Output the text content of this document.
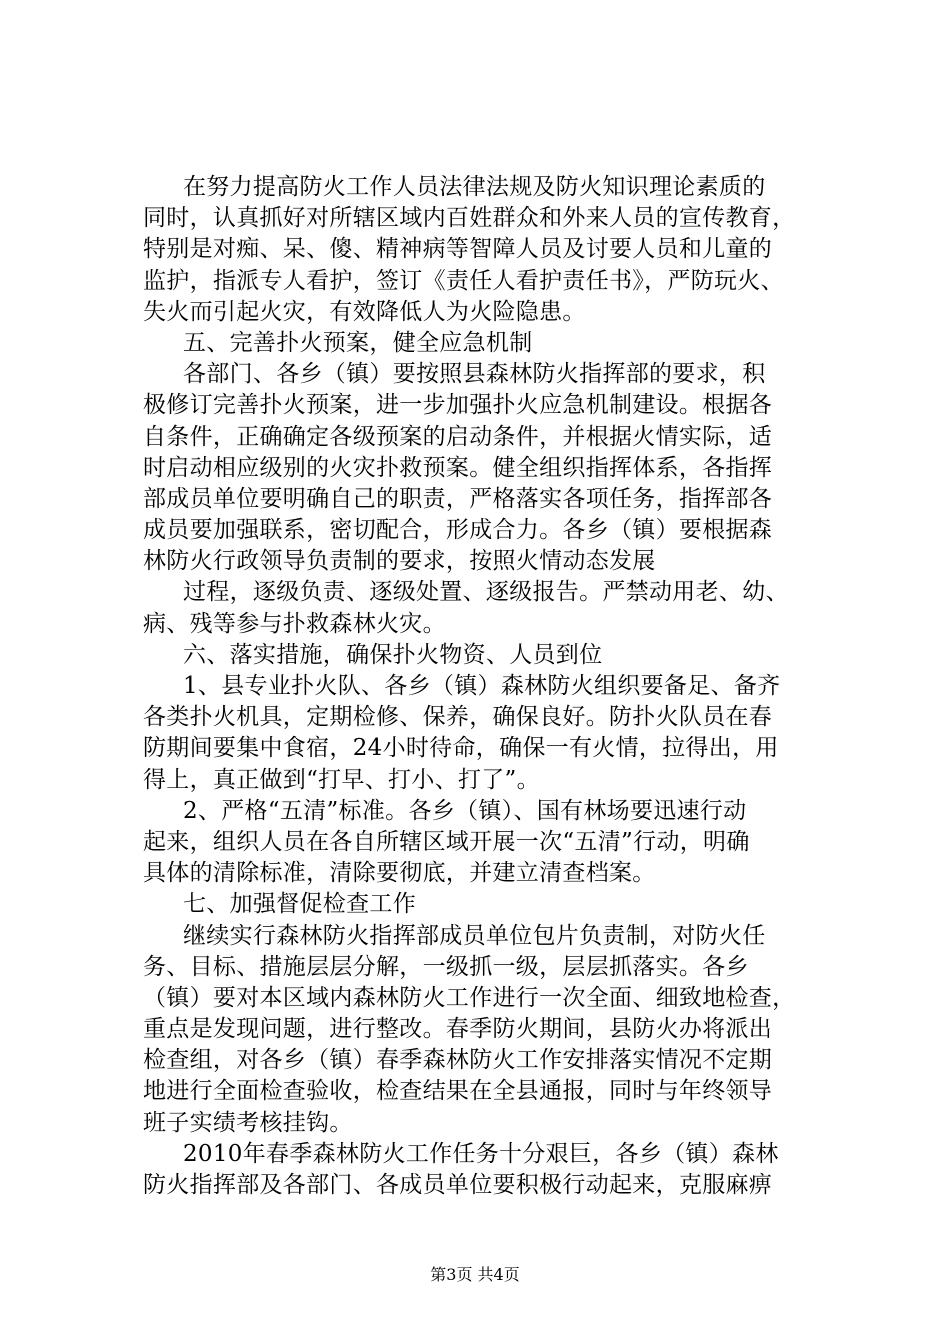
在努力提高防火工作人员法律法规及防火知识理论素质的
同时，认真抓好对所辖区域内百姓群众和外来人员的宣传教育，
特别是对痴、呆、傻、精神病等智障人员及讨要人员和儿童的
监护，指派专人看护，签订《责任人看护责任书》，严防玩火、
失火而引起火灾，有效降低人为火险隐患。
五、完善扑火预案，健全应急机制
各部门、各乡（镇）要按照县森林防火指挥部的要求，积
极修订完善扑火预案，进一步加强扑火应急机制建设。根据各
自条件，正确确定各级预案的启动条件，并根据火情实际，适
时启动相应级别的火灾扑救预案。健全组织指挥体系，各指挥
部成员单位要明确自己的职责，严格落实各项任务，指挥部各
成员要加强联系，密切配合，形成合力。各乡（镇）要根据森
林防火行政领导负责制的要求，按照火情动态发展
过程，逐级负责、逐级处置、逐级报告。严禁动用老、幼、
病、残等参与扑救森林火灾。
六、落实措施，确保扑火物资、人员到位
1、县专业扑火队、各乡（镇）森林防火组织要备足、备齐
各类扑火机具，定期检修、保养，确保良好。防扑火队员在春
防期间要集中食宿，24小时待命，确保一有火情，拉得出，用
得上，真正做到“打早、打小、打了”。
2、严格“五清”标准。各乡（镇）、国有林场要迅速行动
起来，组织人员在各自所辖区域开展一次“五清”行动，明确
具体的清除标准，清除要彻底，并建立清查档案。
七、加强督促检查工作
继续实行森林防火指挥部成员单位包片负责制，对防火任
务、目标、措施层层分解，一级抓一级，层层抓落实。各乡
（镇）要对本区域内森林防火工作进行一次全面、细致地检查，
重点是发现问题，进行整改。春季防火期间，县防火办将派出
检查组，对各乡（镇）春季森林防火工作安排落实情况不定期
地进行全面检查验收，检查结果在全县通报，同时与年终领导
班子实绩考核挂钩。
2010年春季森林防火工作任务十分艰巨，各乡（镇）森林
防火指挥部及各部门、各成员单位要积极行动起来，克服麻痹
第3页 共4页
